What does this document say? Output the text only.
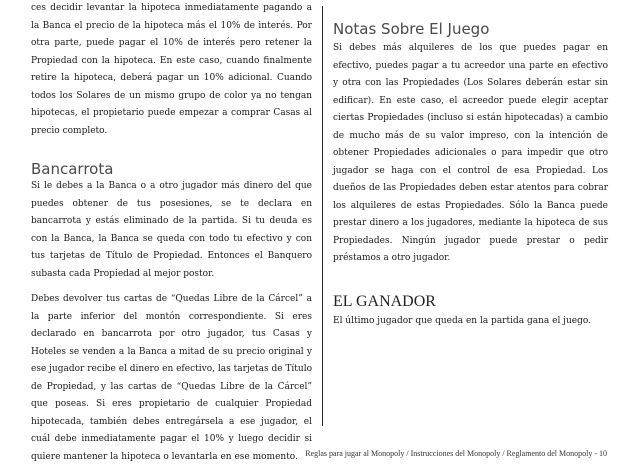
ces decidir levantar la hipoteca inmediatamente pagando a la Banca el precio de la hipoteca más el 10% de interés. Por otra parte, puede pagar el 10% de interés pero retener la Propiedad con la hipoteca. En este caso, cuando finalmente retire la hipoteca, deberá pagar un 10% adicional. Cuando todos los Solares de un mismo grupo de color ya no tengan hipotecas, el propietario puede empezar a comprar Casas al precio completo.

Bancarrota

Si le debes a la Banca o a otro jugador más dinero del que puedes obtener de tus posesiones, se te declara en bancarrota y estás eliminado de la partida. Si tu deuda es con la Banca, la Banca se queda con todo tu efectivo y con tus tarjetas de Título de Propiedad. Entonces el Banquero subasta cada Propiedad al mejor postor.

Debes devolver tus cartas de “Quedas Libre de la Cárcel” a la parte inferior del montón correspondiente. Si eres declarado en bancarrota por otro jugador, tus Casas y Hoteles se venden a la Banca a mitad de su precio original y ese jugador recibe el dinero en efectivo, las tarjetas de Título de Propiedad, y las cartas de “Quedas Libre de la Cárcel” que poseas. Si eres propietario de cualquier Propiedad hipotecada, también debes entregársela a ese jugador, el cuál debe inmediatamente pagar el 10% y luego decidir si quiere mantener la hipoteca o levantarla en ese momento.

Notas Sobre El Juego

Si debes más alquileres de los que puedes pagar en efectivo, puedes pagar a tu acreedor una parte en efectivo y otra con las Propiedades (Los Solares deberán estar sin edificar). En este caso, el acreedor puede elegir aceptar ciertas Propiedades (incluso si están hipotecadas) a cambio de mucho más de su valor impreso, con la intención de obtener Propiedades adicionales o para impedir que otro jugador se haga con el control de esa Propiedad. Los dueños de las Propiedades deben estar atentos para cobrar los alquileres de estas Propiedades. Sólo la Banca puede prestar dinero a los jugadores, mediante la hipoteca de sus Propiedades. Ningún jugador puede prestar o pedir préstamos a otro jugador.

EL GANADOR

El último jugador que queda en la partida gana el juego.

Reglas para jugar al Monopoly / Instrucciones del Monopoly / Reglamento del Monopoly - 10
